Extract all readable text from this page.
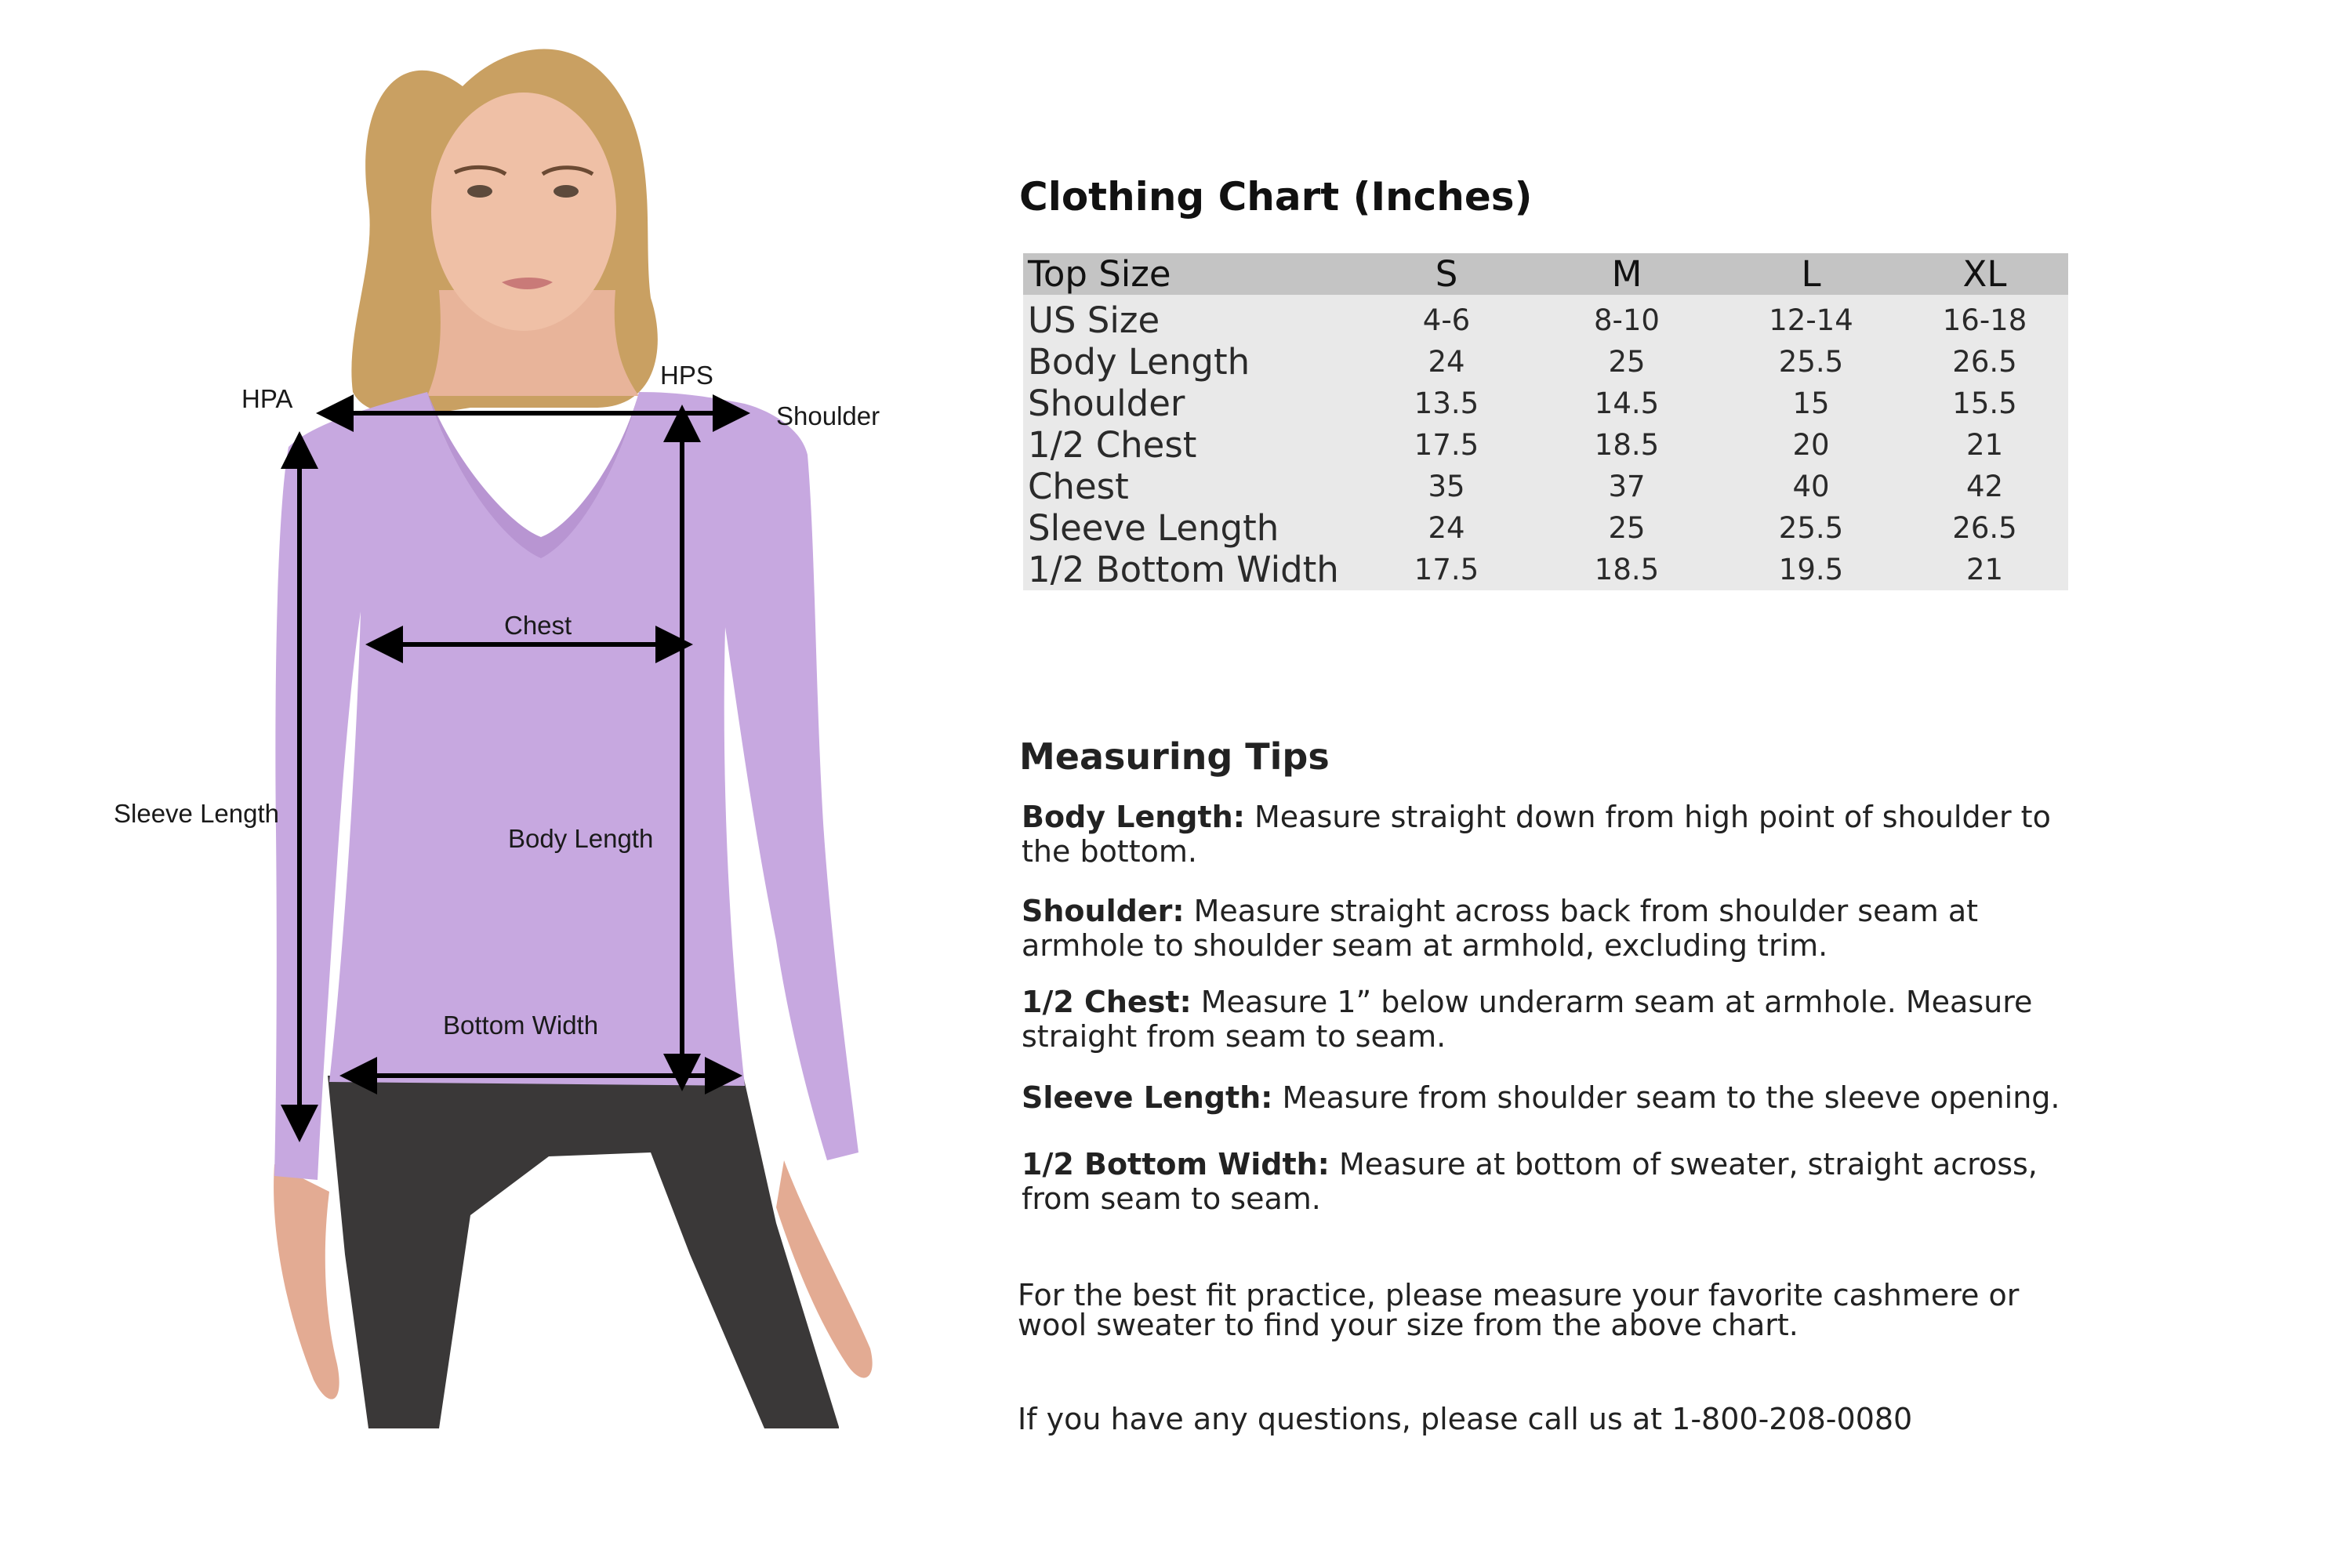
HPA
HPS
Shoulder
Chest
Sleeve Length
Body Length
Bottom Width
Clothing Chart (Inches)
Top Size	S	M	L	XL

US Size	4-6	8-10	12-14	16-18
Body Length	24	25	25.5	26.5
Shoulder	13.5	14.5	15	15.5
1/2 Chest	17.5	18.5	20	21
Chest	35	37	40	42
Sleeve Length	24	25	25.5	26.5
1/2 Bottom Width	17.5	18.5	19.5	21
Measuring Tips
Body Length: Measure straight down from high point of shoulder to the bottom.
Shoulder: Measure straight across back from shoulder seam at armhole to shoulder seam at armhold, excluding trim.
1/2 Chest: Measure 1” below underarm seam at armhole. Measure straight from seam to seam.
Sleeve Length: Measure from shoulder seam to the sleeve opening.
1/2 Bottom Width: Measure at bottom of sweater, straight across, from seam to seam.
For the best fit practice, please measure your favorite cashmere or wool sweater to find your size from the above chart.
If you have any questions, please call us at 1-800-208-0080
